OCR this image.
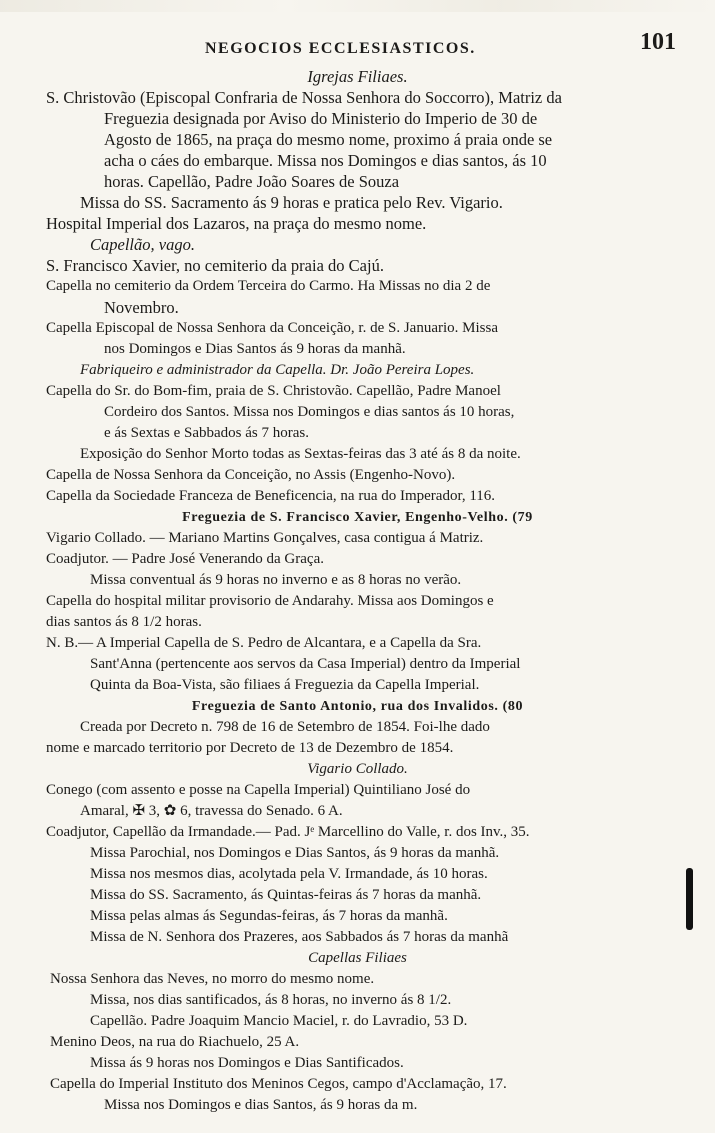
NEGOCIOS ECCLESIASTICOS.	101
Igrejas Filiaes.
S. Christovão (Episcopal Confraria de Nossa Senhora do Soccorro), Matriz da
Freguezia designada por Aviso do Ministerio do Imperio de 30 de
Agosto de 1865, na praça do mesmo nome, proximo á praia onde se
acha o cáes do embarque. Missa nos Domingos e dias santos, ás 10
horas. Capellão, Padre João Soares de Souza
Missa do SS. Sacramento ás 9 horas e pratica pelo Rev. Vigario.
Hospital Imperial dos Lazaros, na praça do mesmo nome.
Capellão, vago.
S. Francisco Xavier, no cemiterio da praia do Cajú.
Capella no cemiterio da Ordem Terceira do Carmo. Ha Missas no dia 2 de
Novembro.
Capella Episcopal de Nossa Senhora da Conceição, r. de S. Januario. Missa
nos Domingos e Dias Santos ás 9 horas da manhã.
Fabriqueiro e administrador da Capella. Dr. João Pereira Lopes.
Capella do Sr. do Bom-fim, praia de S. Christovão. Capellão, Padre Manoel
Cordeiro dos Santos. Missa nos Domingos e dias santos ás 10 horas,
e ás Sextas e Sabbados ás 7 horas.
Exposição do Senhor Morto todas as Sextas-feiras das 3 até ás 8 da noite.
Capella de Nossa Senhora da Conceição, no Assis (Engenho-Novo).
Capella da Sociedade Franceza de Beneficencia, na rua do Imperador, 116.
Freguezia de S. Francisco Xavier, Engenho-Velho. (79
Vigario Collado. — Mariano Martins Gonçalves, casa contigua á Matriz.
Coadjutor. — Padre José Venerando da Graça.
Missa conventual ás 9 horas no inverno e as 8 horas no verão.
Capella do hospital militar provisorio de Andarahy. Missa aos Domingos e
dias santos ás 8 1/2 horas.
N. B.— A Imperial Capella de S. Pedro de Alcantara, e a Capella da Sra.
Sant'Anna (pertencente aos servos da Casa Imperial) dentro da Imperial
Quinta da Boa-Vista, são filiaes á Freguezia da Capella Imperial.
Freguezia de Santo Antonio, rua dos Invalidos. (80
Creada por Decreto n. 798 de 16 de Setembro de 1854. Foi-lhe dado
nome e marcado territorio por Decreto de 13 de Dezembro de 1854.
Vigario Collado.
Conego (com assento e posse na Capella Imperial) Quintiliano José do
Amaral, ✠ 3, ✿ 6, travessa do Senado. 6 A.
Coadjutor, Capellão da Irmandade.— Pad. Jᵉ Marcellino do Valle, r. dos Inv., 35.
Missa Parochial, nos Domingos e Dias Santos, ás 9 horas da manhã.
Missa nos mesmos dias, acolytada pela V. Irmandade, ás 10 horas.
Missa do SS. Sacramento, ás Quintas-feiras ás 7 horas da manhã.
Missa pelas almas ás Segundas-feiras, ás 7 horas da manhã.
Missa de N. Senhora dos Prazeres, aos Sabbados ás 7 horas da manhã
Capellas Filiaes
Nossa Senhora das Neves, no morro do mesmo nome.
Missa, nos dias santificados, ás 8 horas, no inverno ás 8 1/2.
Capellão. Padre Joaquim Mancio Maciel, r. do Lavradio, 53 D.
Menino Deos, na rua do Riachuelo, 25 A.
Missa ás 9 horas nos Domingos e Dias Santificados.
Capella do Imperial Instituto dos Meninos Cegos, campo d'Acclamação, 17.
Missa nos Domingos e dias Santos, ás 9 horas da m.
